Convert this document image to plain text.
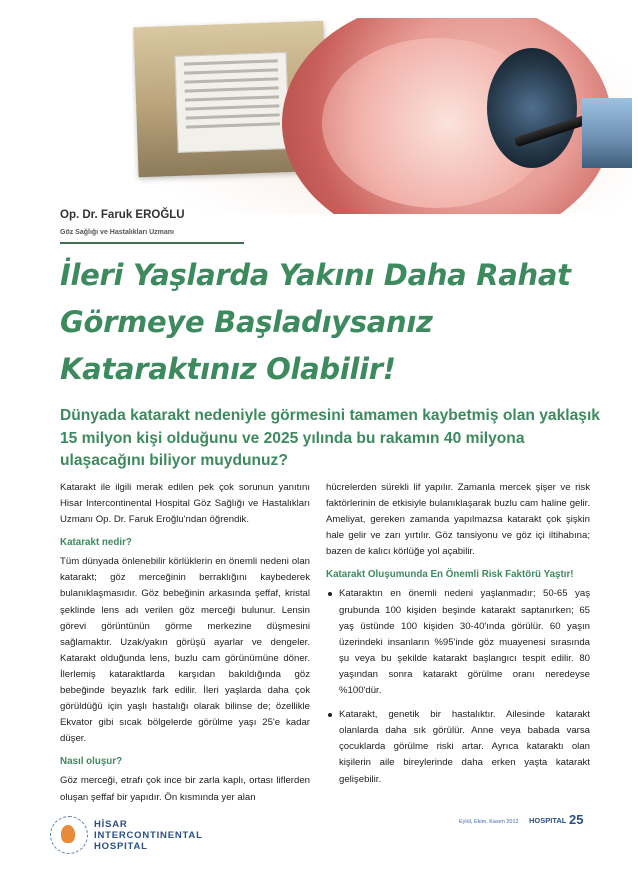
Op. Dr. Faruk EROĞLU
Göz Sağlığı ve Hastalıkları Uzmanı
İleri Yaşlarda Yakını Daha Rahat
Görmeye Başladıysanız
Kataraktınız Olabilir!

Dünyada katarakt nedeniyle görmesini tamamen kaybetmiş olan yaklaşık 15 milyon kişi olduğunu ve 2025 yılında bu rakamın 40 milyona ulaşacağını biliyor muydunuz?

Katarakt ile ilgili merak edilen pek çok sorunun yanıtını Hisar Intercontinental Hospital Göz Sağlığı ve Hastalıkları Uzmanı Op. Dr. Faruk Eroğlu'ndan öğrendik.

Katarakt nedir?

Tüm dünyada önlenebilir körlüklerin en önemli nedeni olan katarakt; göz merceğinin berraklığını kaybederek bulanıklaşmasıdır. Göz bebeğinin arkasında şeffaf, kristal şeklinde lens adı verilen göz merceği bulunur. Lensin görevi görüntünün görme merkezine düşmesini sağlamaktır. Uzak/yakın görüşü ayarlar ve dengeler. Katarakt olduğunda lens, buzlu cam görünümüne döner. İlerlemiş kataraktlarda karşıdan bakıldığında göz bebeğinde beyazlık fark edilir. İleri yaşlarda daha çok görüldüğü için yaşlı hastalığı olarak bilinse de; özellikle Ekvator gibi sıcak bölgelerde görülme yaşı 25'e kadar düşer.

Nasıl oluşur?

Göz merceği, etrafı çok ince bir zarla kaplı, ortası liflerden oluşan şeffaf bir yapıdır. Ön kısmında yer alan

hücrelerden sürekli lif yapılır. Zamanla mercek şişer ve risk faktörlerinin de etkisiyle bulanıklaşarak buzlu cam haline gelir. Ameliyat, gereken zamanda yapılmazsa katarakt çok şişkin hale gelir ve zarı yırtılır. Göz tansiyonu ve göz içi iltihabına; bazen de kalıcı körlüğe yol açabilir.

Katarakt Oluşumunda En Önemli Risk Faktörü Yaştır!
Kataraktın en önemli nedeni yaşlanmadır; 50-65 yaş grubunda 100 kişiden beşinde katarakt saptanırken; 65 yaş üstünde 100 kişiden 30-40'ında görülür. 60 yaşın üzerindeki insanların %95'inde göz muayenesi sırasında şu veya bu şekilde katarakt başlangıcı tespit edilir. 80 yaşından sonra katarakt görülme oranı neredeyse %100'dür.
Katarakt, genetik bir hastalıktır. Ailesinde katarakt olanlarda daha sık görülür. Anne veya babada varsa çocuklarda görülme riski artar. Ayrıca kataraktı olan kişilerin aile bireylerinde daha erken yaşta katarakt gelişebilir.
HİSAR
INTERCONTINENTAL
HOSPITAL
Eylül, Ekim, Kasım 2012 HOSPITAL 25
